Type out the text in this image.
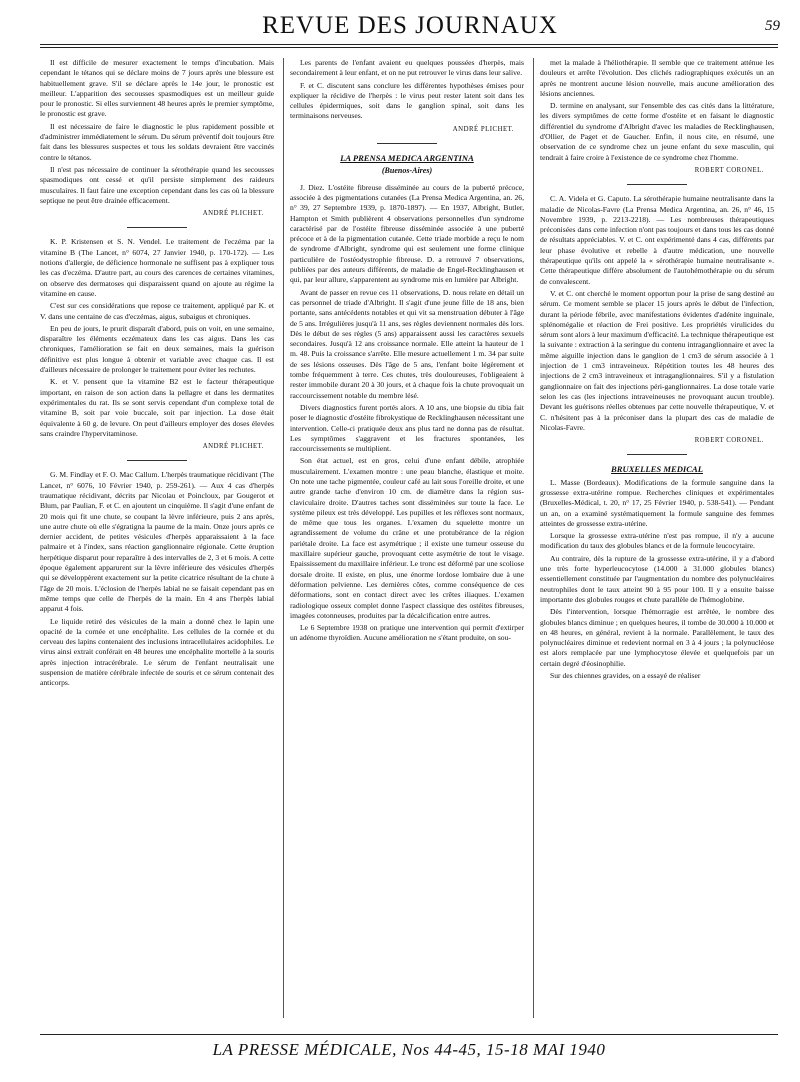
REVUE DES JOURNAUX	59

Il est difficile de mesurer exactement le temps d'incubation. Mais cependant le tétanos qui se déclare moins de 7 jours après une blessure est habituellement grave. S'il se déclare après le 14e jour, le pronostic est meilleur. L'apparition des secousses spasmodiques est un meilleur guide pour le pronostic. Si elles surviennent 48 heures après le premier symptôme, le pronostic est grave.

Il est nécessaire de faire le diagnostic le plus rapidement possible et d'administrer immédiatement le sérum. Du sérum préventif doit toujours être fait dans les blessures suspectes et tous les soldats devraient être vaccinés contre le tétanos.

Il n'est pas nécessaire de continuer la sérothérapie quand les secousses spasmodiques ont cessé et qu'il persiste simplement des raideurs musculaires. Il faut faire une exception cependant dans les cas où la blessure septique ne peut être drainée efficacement.

ANDRÉ PLICHET.

K. P. Kristensen et S. N. Vendel. Le traitement de l'eczéma par la vitamine B (The Lancet, n° 6074, 27 Janvier 1940, p. 170-172). — Les notions d'allergie, de déficience hormonale ne suffisent pas à expliquer tous les cas d'eczéma. D'autre part, au cours des carences de certaines vitamines, on observe des dermatoses qui disparaissent quand on ajoute au régime la vitamine en cause.

C'est sur ces considérations que repose ce traitement, appliqué par K. et V. dans une centaine de cas d'eczémas, aigus, subaigus et chroniques.

En peu de jours, le prurit disparaît d'abord, puis on voit, en une semaine, disparaître les éléments eczémateux dans les cas aigus. Dans les cas chroniques, l'amélioration se fait en deux semaines, mais la guérison définitive est plus longue à obtenir et variable avec chaque cas. Il est d'ailleurs nécessaire de prolonger le traitement pour éviter les rechutes.

K. et V. pensent que la vitamine B2 est le facteur thérapeutique important, en raison de son action dans la pellagre et dans les dermatites expérimentales du rat. Ils se sont servis cependant d'un complexe total de vitamine B, soit par voie buccale, soit par injection. La dose était équivalente à 60 g. de levure. On peut d'ailleurs employer des doses élevées sans craindre l'hypervitaminose.

ANDRÉ PLICHET.

G. M. Findlay et F. O. Mac Callum. L'herpès traumatique récidivant (The Lancet, n° 6076, 10 Février 1940, p. 259-261). — Aux 4 cas d'herpès traumatique récidivant, décrits par Nicolau et Poincloux, par Gougerot et Blum, par Paulian, F. et C. en ajoutent un cinquième. Il s'agit d'une enfant de 20 mois qui fit une chute, se coupant la lèvre inférieure, puis 2 ans après, une autre chute où elle s'égratigna la paume de la main. Onze jours après ce dernier accident, de petites vésicules d'herpès apparaissaient à la face palmaire et à l'index, sans réaction ganglionnaire régionale. Cette éruption herpétique disparut pour reparaître à des intervalles de 2, 3 et 6 mois. A cette époque également apparurent sur la lèvre inférieure des vésicules d'herpès qui se développèrent exactement sur la petite cicatrice résultant de la chute à l'âge de 20 mois. L'éclosion de l'herpès labial ne se faisait cependant pas en même temps que celle de l'herpès de la main. En 4 ans l'herpès labial apparut 4 fois.

Le liquide retiré des vésicules de la main a donné chez le lapin une opacité de la cornée et une encéphalite. Les cellules de la cornée et du cerveau des lapins contenaient des inclusions intracellulaires acidophiles. Le virus ainsi extrait conférait en 48 heures une encéphalite mortelle à la souris après injection intracérébrale. Le sérum de l'enfant neutralisait une suspension de matière cérébrale infectée de souris et ce sérum contenait des anticorps.

Les parents de l'enfant avaient eu quelques poussées d'herpès, mais secondairement à leur enfant, et on ne put retrouver le virus dans leur salive.

F. et C. discutent sans conclure les différentes hypothèses émises pour expliquer la récidive de l'herpès : le virus peut rester latent soit dans les cellules épidermiques, soit dans le ganglion spinal, soit dans les terminaisons nerveuses.

ANDRÉ PLICHET.

LA PRENSA MEDICA ARGENTINA
(Buenos-Aires)

J. Diez. L'ostéite fibreuse disséminée au cours de la puberté précoce, associée à des pigmentations cutanées (La Prensa Medica Argentina, an. 26, n° 39, 27 Septembre 1939, p. 1870-1897). — En 1937, Albright, Butler, Hampton et Smith publièrent 4 observations personnelles d'un syndrome caractérisé par de l'ostéite fibreuse disséminée associée à une puberté précoce et à de la pigmentation cutanée. Cette triade morbide a reçu le nom de syndrome d'Albright, syndrome qui est seulement une forme clinique particulière de l'ostéodystrophie fibreuse. D. a retrouvé 7 observations, publiées par des auteurs différents, de maladie de Engel-Recklinghausen et qui, par leur allure, s'apparentent au syndrome mis en lumière par Albright.

Avant de passer en revue ces 11 observations, D. nous relate en détail un cas personnel de triade d'Albright. Il s'agit d'une jeune fille de 18 ans, bien portante, sans antécédents notables et qui vit sa menstruation débuter à l'âge de 5 ans. Irrégulières jusqu'à 11 ans, ses règles deviennent normales dès lors. Dès le début de ses règles (5 ans) apparaissent aussi les caractères sexuels secondaires. Jusqu'à 12 ans croissance normale. Elle atteint la hauteur de 1 m. 48. Puis la croissance s'arrête. Elle mesure actuellement 1 m. 34 par suite de ses lésions osseuses. Dès l'âge de 5 ans, l'enfant boite légèrement et tombe fréquemment à terre. Ces chutes, très douloureuses, l'obligeaient à rester immobile durant 20 à 30 jours, et à chaque fois la chute provoquait un raccourcissement notable du membre lésé.

Divers diagnostics furent portés alors. A 10 ans, une biopsie du tibia fait poser le diagnostic d'ostéite fibrokystique de Recklinghausen nécessitant une intervention. Celle-ci pratiquée deux ans plus tard ne donna pas de résultat. Les symptômes s'aggravent et les fractures spontanées, les raccourcissements se multiplient.

Son état actuel, est en gros, celui d'une enfant débile, atrophiée musculairement. L'examen montre : une peau blanche, élastique et moite. On note une tache pigmentée, couleur café au lait sous l'oreille droite, et une autre grande tache d'environ 10 cm. de diamètre dans la région sus-claviculaire droite. D'autres taches sont disséminées sur toute la face. Le système pileux est très développé. Les pupilles et les réflexes sont normaux, de même que tous les organes. L'examen du squelette montre un agrandissement de volume du crâne et une protubérance de la région pariétale droite. La face est asymétrique ; il existe une tumeur osseuse du maxillaire supérieur gauche, provoquant cette asymétrie de tout le visage. Epaississement du maxillaire inférieur. Le tronc est déformé par une scoliose dorsale droite. Il existe, en plus, une énorme lordose lombaire due à une déformation pelvienne. Les dernières côtes, comme conséquence de ces déformations, sont en contact direct avec les crêtes iliaques. L'examen radiologique osseux complet donne l'aspect classique des ostéites fibreuses, imagées cotonneuses, produites par la décalcification entre autres.

Le 6 Septembre 1938 on pratique une intervention qui permit d'extirper un adénome thyroïdien. Aucune amélioration ne s'étant produite, on sou-

met la malade à l'héliothérapie. Il semble que ce traitement atténue les douleurs et arrête l'évolution. Des clichés radiographiques exécutés un an après ne montrent aucune lésion nouvelle, mais aucune amélioration des lésions anciennes.

D. termine en analysant, sur l'ensemble des cas cités dans la littérature, les divers symptômes de cette forme d'ostéite et en faisant le diagnostic différentiel du syndrome d'Albright d'avec les maladies de Recklinghausen, d'Ollier, de Paget et de Gaucher. Enfin, il nous cite, en résumé, une observation de ce syndrome chez un jeune enfant du sexe masculin, qui tendrait à faire croire à l'existence de ce syndrome chez l'homme.

ROBERT CORONEL.

C. A. Videla et G. Caputo. La sérothérapie humaine neutralisante dans la maladie de Nicolas-Favre (La Prensa Medica Argentina, an. 26, n° 46, 15 Novembre 1939, p. 2213-2218). — Les nombreuses thérapeutiques préconisées dans cette infection n'ont pas toujours et dans tous les cas donné de résultats appréciables. V. et C. ont expérimenté dans 4 cas, différents par leur phase évolutive et rebelle à d'autre médication, une nouvelle thérapeutique qu'ils ont appelé la « sérothérapie humaine neutralisante ». Cette thérapeutique diffère absolument de l'autohémothérapie ou du sérum de convalescent.

V. et C. ont cherché le moment opportun pour la prise de sang destiné au sérum. Ce moment semble se placer 15 jours après le début de l'infection, durant la période fébrile, avec manifestations évidentes d'adénite inguinale, splénomégalie et réaction de Frei positive. Les propriétés virulicides du sérum sont alors à leur maximum d'efficacité. La technique thérapeutique est la suivante : extraction à la seringue du contenu intraganglionnaire et avec la même aiguille injection dans le ganglion de 1 cm3 de sérum associée à 1 injection de 1 cm3 intraveineux. Répétition toutes les 48 heures des injections de 2 cm3 intraveineux et intraganglionnaires. S'il y a fistulation ganglionnaire on fait des injections péri-ganglionnaires. La dose totale varie selon les cas (les injections intraveineuses ne provoquant aucun trouble). Devant les guérisons réelles obtenues par cette nouvelle thérapeutique, V. et C. n'hésitent pas à la préconiser dans la plupart des cas de maladie de Nicolas-Favre.

ROBERT CORONEL.

BRUXELLES MEDICAL

L. Masse (Bordeaux). Modifications de la formule sanguine dans la grossesse extra-utérine rompue. Recherches cliniques et expérimentales (Bruxelles-Médical, t. 20, n° 17, 25 Février 1940, p. 538-541). — Pendant un an, on a examiné systématiquement la formule sanguine des femmes atteintes de grossesse extra-utérine.

Lorsque la grossesse extra-utérine n'est pas rompue, il n'y a aucune modification du taux des globules blancs et de la formule leucocytaire.

Au contraire, dès la rupture de la grossesse extra-utérine, il y a d'abord une très forte hyperleucocytose (14.000 à 31.000 globules blancs) essentiellement constituée par l'augmentation du nombre des polynucléaires neutrophiles dont le taux atteint 90 à 95 pour 100. Il y a ensuite baisse importante des globules rouges et chute parallèle de l'hémoglobine.

Dès l'intervention, lorsque l'hémorragie est arrêtée, le nombre des globules blancs diminue ; en quelques heures, il tombe de 30.000 à 10.000 et en 48 heures, en général, revient à la normale. Parallèlement, le taux des polynucléaires diminue et redevient normal en 3 à 4 jours ; la polynucléose est alors remplacée par une lymphocytose élevée et quelquefois par un certain degré d'éosinophilie.

Sur des chiennes gravides, on a essayé de réaliser

LA PRESSE MÉDICALE, Nos 44-45, 15-18 MAI 1940
